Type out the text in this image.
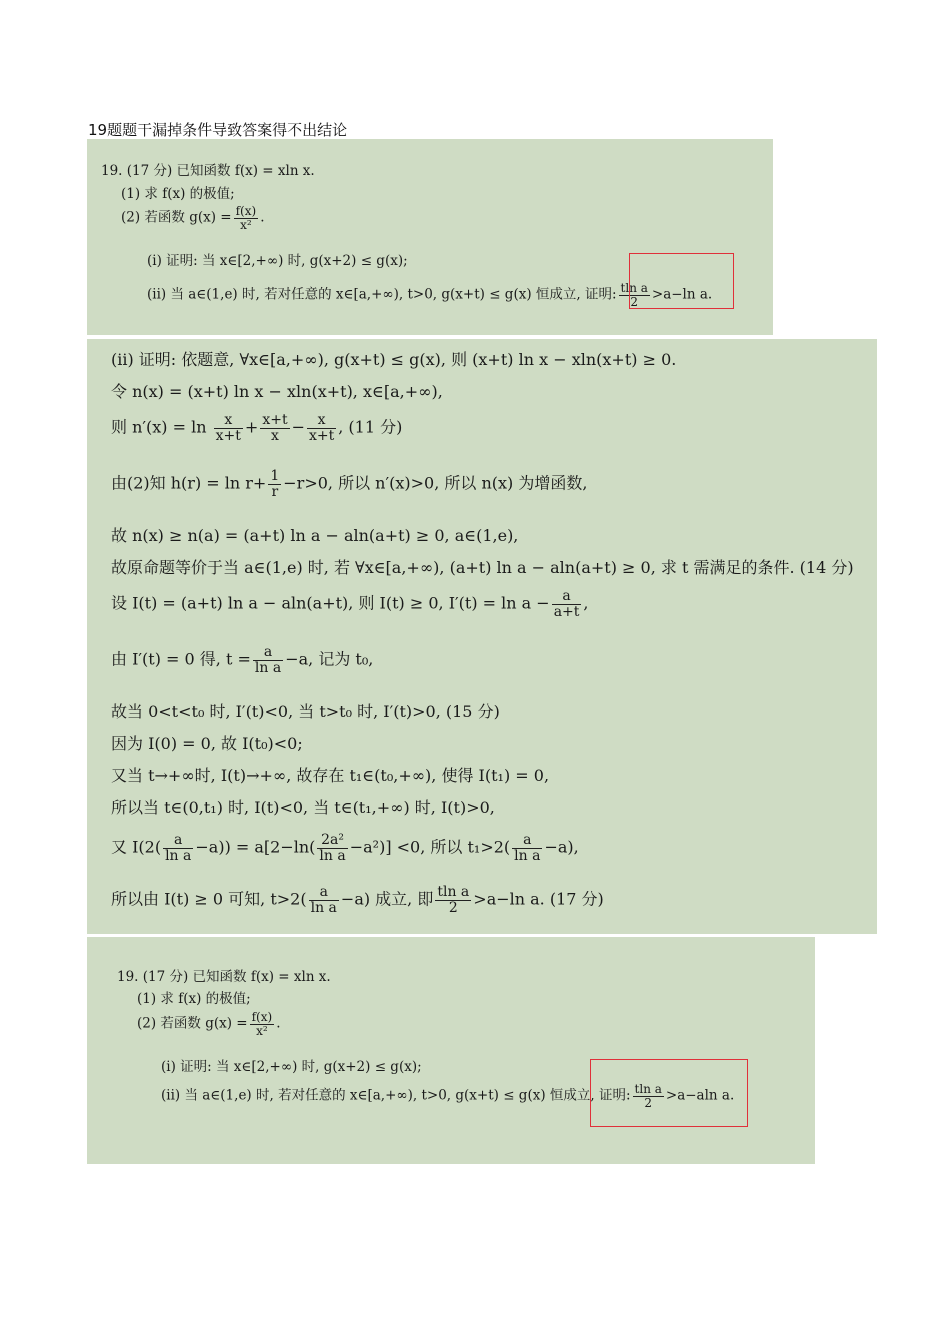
19题题干漏掉条件导致答案得不出结论
19. (17 分) 已知函数 f(x) = xln x.
(1) 求 f(x) 的极值;
(2) 若函数 $g(x) = \frac{f(x)}{\text{x²}}$ .
(i) 证明: 当 x∈[2,+∞) 时, g(x+2) ≤ g(x);
(ii) 当 a∈(1,e) 时, 若对任意的 x∈[a,+∞), t>0, g(x+t) ≤ g(x) 恒成立, 证明: $\frac{\text{tln a}}{2} >a-\ln$ a.
(ii) 证明: 依题意, ∀x∈[a,+∞), g(x+t) ≤ g(x), 则 (x+t) ln x − xln(x+t) ≥ 0.
令 n(x) = (x+t) ln x − xln(x+t), x∈[a,+∞),
则 $n'(x) = \ln \frac{x}{x+t} + \frac{x+t}{x} - \frac{x}{x+t}$ , (11 分)
由(2)知 $h(r) = \ln r+ \frac{1}{r} -r>0$, 所以 n′(x)>0, 所以 n(x) 为增函数,
故 n(x) ≥ n(a) = (a+t) ln a − aln(a+t) ≥ 0, a∈(1,e),
故原命题等价于当 a∈(1,e) 时, 若 ∀x∈[a,+∞), (a+t) ln a − aln(a+t) ≥ 0, 求 t 需满足的条件. (14 分)
设 I(t) = (a+t) ln a − aln(a+t), 则 I(t) ≥ 0, $I'(t) = \ln a - \frac{a}{a+t}$ ,
由 I′(t) = 0 得, $t = \frac{a}{\text{ln a}} -a$, 记为 t₀,
故当 0<t<t₀ 时, I′(t)<0, 当 t>t₀ 时, I′(t)>0, (15 分)
因为 I(0) = 0, 故 I(t₀)<0;
又当 t→+∞时, I(t)→+∞, 故存在 t₁∈(t₀,+∞), 使得 I(t₁) = 0,
所以当 t∈(0,t₁) 时, I(t)<0, 当 t∈(t₁,+∞) 时, I(t)>0,
又 $I(2( \frac{a}{\text{ln a}} -a)) = a[2-\ln( \frac{\text{2a²}}{\text{ln a}} -a^2)] <0$, 所以 $t_1>2( \frac{a}{\text{ln a}} -a)$,
所以由 I(t) ≥ 0 可知, $t>2( \frac{a}{\text{ln a}} -a)$ 成立, 即 $\frac{\text{tln a}}{2} >a-\ln$ a. (17 分)
19. (17 分) 已知函数 f(x) = xln x.
(1) 求 f(x) 的极值;
(2) 若函数 $g(x) = \frac{f(x)}{\text{x²}}$ .
(i) 证明: 当 x∈[2,+∞) 时, g(x+2) ≤ g(x);
(ii) 当 a∈(1,e) 时, 若对任意的 x∈[a,+∞), t>0, g(x+t) ≤ g(x) 恒成立, 证明: $\frac{\text{tln a}}{2} >a-aln$ a.
